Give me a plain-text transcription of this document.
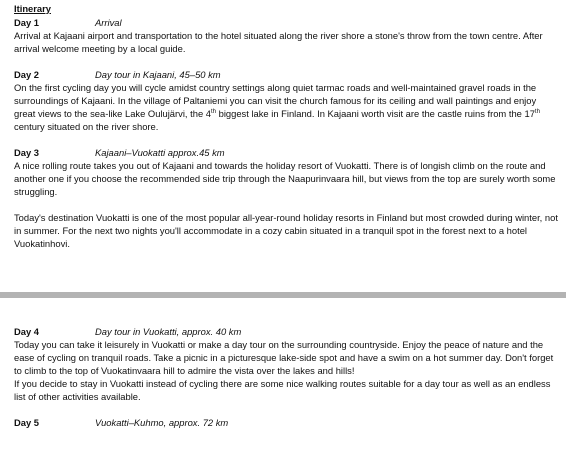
Itinerary

Day 1	Arrival

Arrival at Kajaani airport and transportation to the hotel situated along the river shore a stone's throw from the town centre. After arrival welcome meeting by a local guide.

Day 2	Day tour in Kajaani, 45–50 km

On the first cycling day you will cycle amidst country settings along quiet tarmac roads and well-maintained gravel roads in the surroundings of Kajaani. In the village of Paltaniemi you can visit the church famous for its ceiling and wall paintings and enjoy great views to the sea-like Lake Oulujärvi, the 4th biggest lake in Finland. In Kajaani worth visit are the castle ruins from the 17th century situated on the river shore.

Day 3	Kajaani–Vuokatti approx.45 km

A nice rolling route takes you out of Kajaani and towards the holiday resort of Vuokatti. There is of longish climb on the route and another one if you choose the recommended side trip through the Naapurinvaara hill, but views from the top are surely worth some struggling.

Today's destination Vuokatti is one of the most popular all-year-round holiday resorts in Finland but most crowded during winter, not in summer. For the next two nights you'll accommodate in a cozy cabin situated in a tranquil spot in the forest next to a hotel Vuokatinhovi.

Day 4	Day tour in Vuokatti, approx. 40 km

Today you can take it leisurely in Vuokatti or make a day tour on the surrounding countryside. Enjoy the peace of nature and the ease of cycling on tranquil roads. Take a picnic in a picturesque lake-side spot and have a swim on a hot summer day. Don't forget to climb to the top of Vuokatinvaara hill to admire the vista over the lakes and hills!

If you decide to stay in Vuokatti instead of cycling there are some nice walking routes suitable for a day tour as well as an endless list of other activities available.

Day 5	Vuokatti–Kuhmo, approx. 72 km
